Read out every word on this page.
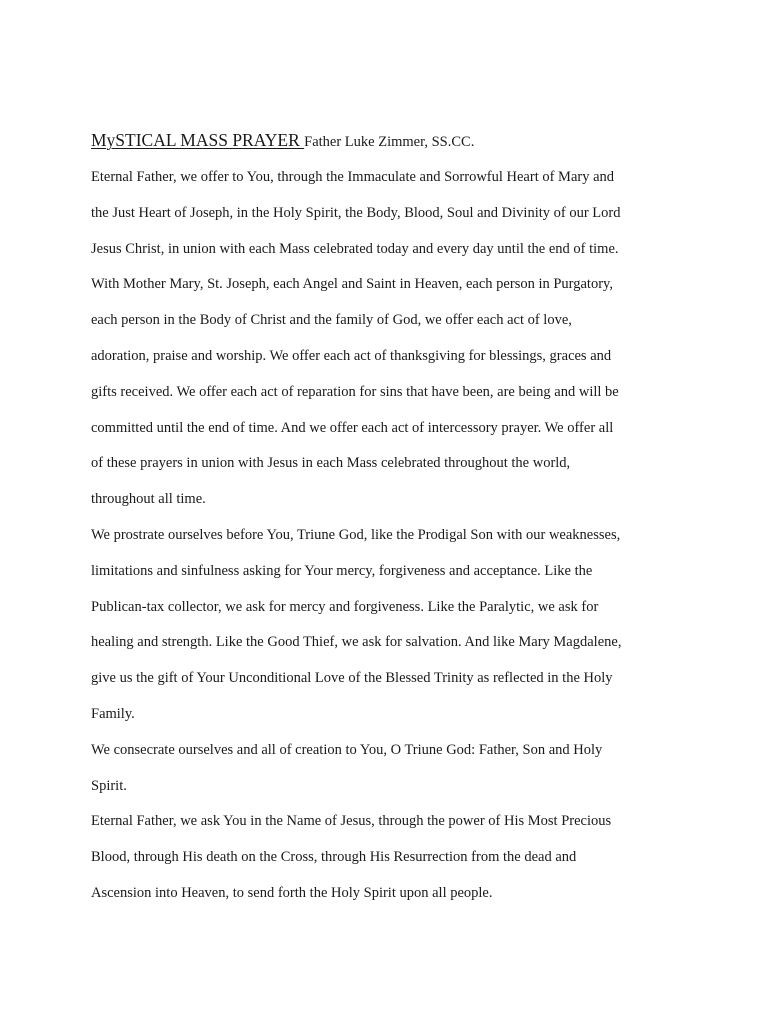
MySTICAL MASS PRAYER Father Luke Zimmer, SS.CC.

Eternal Father, we offer to You, through the Immaculate and Sorrowful Heart of Mary and
the Just Heart of Joseph, in the Holy Spirit, the Body, Blood, Soul and Divinity of our Lord
Jesus Christ, in union with each Mass celebrated today and every day until the end of time.
With Mother Mary, St. Joseph, each Angel and Saint in Heaven, each person in Purgatory,
each person in the Body of Christ and the family of God, we offer each act of love,
adoration, praise and worship. We offer each act of thanksgiving for blessings, graces and
gifts received. We offer each act of reparation for sins that have been, are being and will be
committed until the end of time. And we offer each act of intercessory prayer. We offer all
of these prayers in union with Jesus in each Mass celebrated throughout the world,
throughout all time.

We prostrate ourselves before You, Triune God, like the Prodigal Son with our weaknesses,
limitations and sinfulness asking for Your mercy, forgiveness and acceptance. Like the
Publican-tax collector, we ask for mercy and forgiveness. Like the Paralytic, we ask for
healing and strength. Like the Good Thief, we ask for salvation. And like Mary Magdalene,
give us the gift of Your Unconditional Love of the Blessed Trinity as reflected in the Holy
Family.

We consecrate ourselves and all of creation to You, O Triune God: Father, Son and Holy
Spirit.

Eternal Father, we ask You in the Name of Jesus, through the power of His Most Precious
Blood, through His death on the Cross, through His Resurrection from the dead and
Ascension into Heaven, to send forth the Holy Spirit upon all people.
